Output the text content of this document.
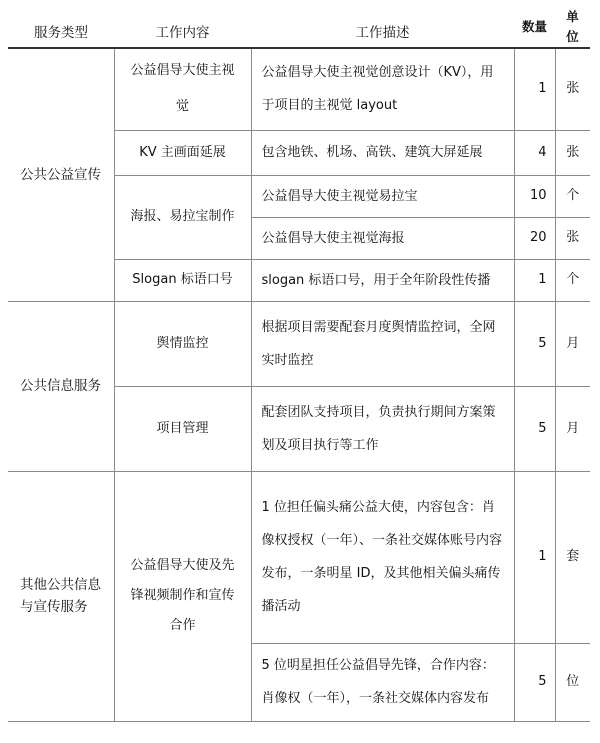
服务类型	工作内容	工作描述	数量	单位
公共公益宣传	公益倡导大使主视觉	公益倡导大使主视觉创意设计（KV），用于项目的主视觉 layout	1	张
	KV 主画面延展	包含地铁、机场、高铁、建筑大屏延展	4	张
	海报、易拉宝制作	公益倡导大使主视觉易拉宝	10	个
		公益倡导大使主视觉海报	20	张
	Slogan 标语口号	slogan 标语口号，用于全年阶段性传播	1	个
公共信息服务	舆情监控	根据项目需要配套月度舆情监控词，全网实时监控	5	月
	项目管理	配套团队支持项目，负责执行期间方案策划及项目执行等工作	5	月
其他公共信息与宣传服务	公益倡导大使及先锋视频制作和宣传合作	1 位担任偏头痛公益大使，内容包含：肖像权授权（一年）、一条社交媒体账号内容发布，一条明星 ID，及其他相关偏头痛传播活动	1	套
		5 位明星担任公益倡导先锋，合作内容：肖像权（一年），一条社交媒体内容发布	5	位
